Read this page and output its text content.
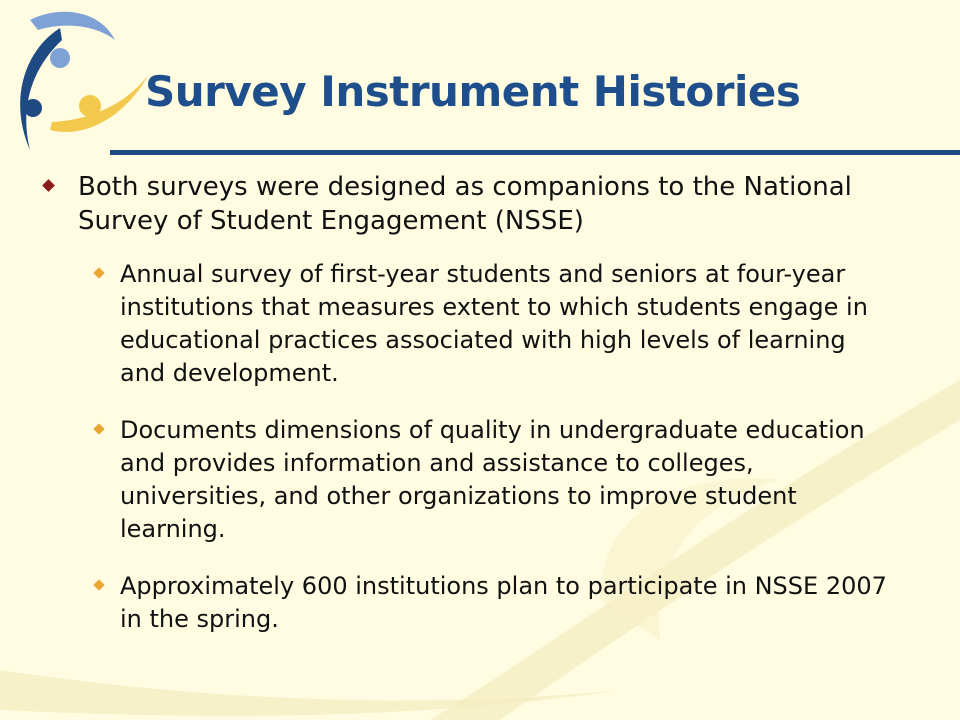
Survey Instrument Histories

Both surveys were designed as companions to the National Survey of Student Engagement (NSSE)

Annual survey of first-year students and seniors at four-year institutions that measures extent to which students engage in educational practices associated with high levels of learning and development.

Documents dimensions of quality in undergraduate education and provides information and assistance to colleges, universities, and other organizations to improve student learning.

Approximately 600 institutions plan to participate in NSSE 2007 in the spring.
